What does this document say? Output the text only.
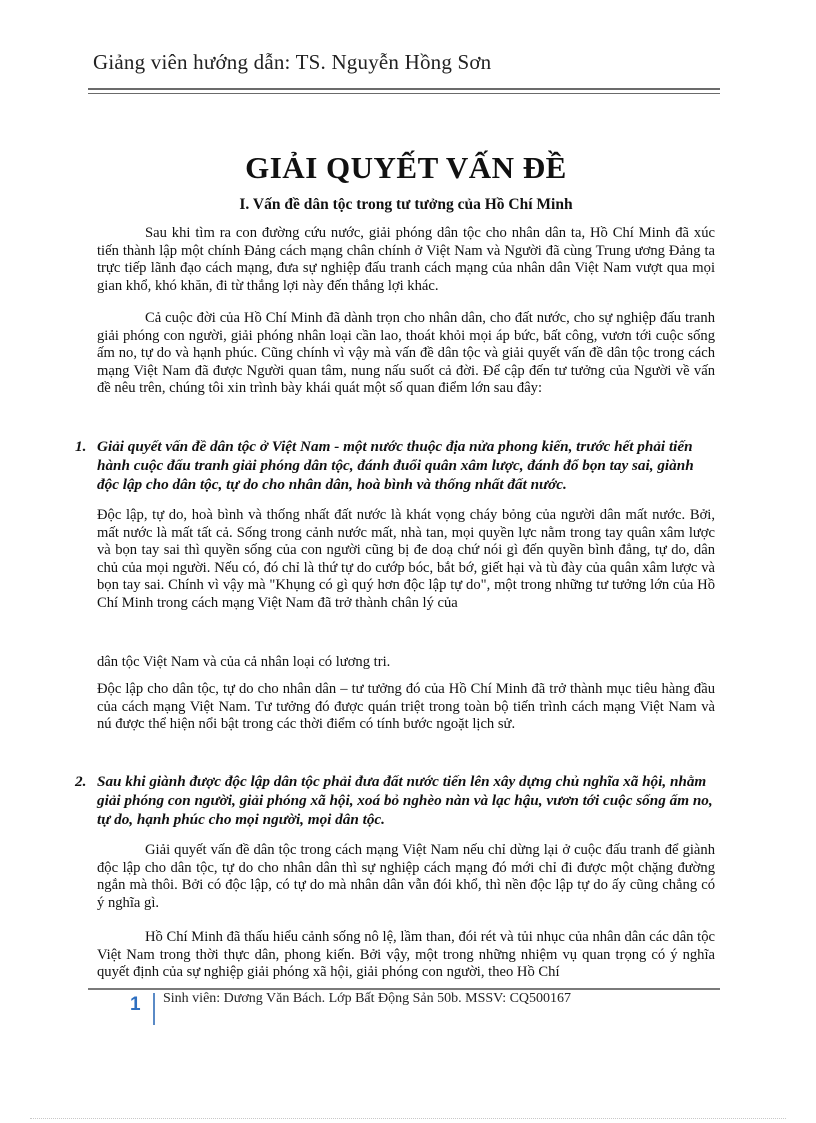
Giảng viên hướng dẫn: TS. Nguyễn Hồng Sơn
GIẢI QUYẾT VẤN ĐỀ
I. Vấn đề dân tộc trong tư tưởng của Hồ Chí Minh

Sau khi tìm ra con đường cứu nước, giải phóng dân tộc cho nhân dân ta, Hồ Chí Minh đã xúc tiến thành lập một chính Đảng cách mạng chân chính ở Việt Nam và Người đã cùng Trung ương Đảng ta trực tiếp lãnh đạo cách mạng, đưa sự nghiệp đấu tranh cách mạng của nhân dân Việt Nam vượt qua mọi gian khổ, khó khăn, đi từ thắng lợi này đến thắng lợi khác.

Cả cuộc đời của Hồ Chí Minh đã dành trọn cho nhân dân, cho đất nước, cho sự nghiệp đấu tranh giải phóng con người, giải phóng nhân loại cần lao, thoát khỏi mọi áp bức, bất công, vươn tới cuộc sống ấm no, tự do và hạnh phúc. Cũng chính vì vậy mà vấn đề dân tộc và giải quyết vấn đề dân tộc trong cách mạng Việt Nam đã được Người quan tâm, nung nấu suốt cả đời. Để cập đến tư tưởng của Người về vấn đề nêu trên, chúng tôi xin trình bày khái quát một số quan điểm lớn sau đây:

1. Giải quyết vấn đề dân tộc ở Việt Nam - một nước thuộc địa nửa phong kiến, trước hết phải tiến hành cuộc đấu tranh giải phóng dân tộc, đánh đuổi quân xâm lược, đánh đổ bọn tay sai, giành độc lập cho dân tộc, tự do cho nhân dân, hoà bình và thống nhất đất nước.

Độc lập, tự do, hoà bình và thống nhất đất nước là khát vọng cháy bỏng của người dân mất nước. Bởi, mất nước là mất tất cả. Sống trong cảnh nước mất, nhà tan, mọi quyền lực nằm trong tay quân xâm lược và bọn tay sai thì quyền sống của con người cũng bị đe doạ chứ nói gì đến quyền bình đẳng, tự do, dân chủ của mọi người. Nếu có, đó chỉ là thứ tự do cướp bóc, bắt bớ, giết hại và tù đày của quân xâm lược và bọn tay sai. Chính vì vậy mà "Khụng có gì quý hơn độc lập tự do", một trong những tư tưởng lớn của Hồ Chí Minh trong cách mạng Việt Nam đã trở thành chân lý của

dân tộc Việt Nam và của cả nhân loại có lương tri.

Độc lập cho dân tộc, tự do cho nhân dân – tư tưởng đó của Hồ Chí Minh đã trở thành mục tiêu hàng đầu của cách mạng Việt Nam. Tư tưởng đó được quán triệt trong toàn bộ tiến trình cách mạng Việt Nam và nú được thể hiện nổi bật trong các thời điểm có tính bước ngoặt lịch sử.

2. Sau khi giành được độc lập dân tộc phải đưa đất nước tiến lên xây dựng chủ nghĩa xã hội, nhằm giải phóng con người, giải phóng xã hội, xoá bỏ nghèo nàn và lạc hậu, vươn tới cuộc sống ấm no, tự do, hạnh phúc cho mọi người, mọi dân tộc.

Giải quyết vấn đề dân tộc trong cách mạng Việt Nam nếu chỉ dừng lại ở cuộc đấu tranh để giành độc lập cho dân tộc, tự do cho nhân dân thì sự nghiệp cách mạng đó mới chỉ đi được một chặng đường ngắn mà thôi. Bởi có độc lập, có tự do mà nhân dân vẫn đói khổ, thì nền độc lập tự do ấy cũng chẳng có ý nghĩa gì.

Hồ Chí Minh đã thấu hiểu cảnh sống nô lệ, lầm than, đói rét và tủi nhục của nhân dân các dân tộc Việt Nam trong thời thực dân, phong kiến. Bởi vậy, một trong những nhiệm vụ quan trọng có ý nghĩa quyết định của sự nghiệp giải phóng xã hội, giải phóng con người, theo Hồ Chí

1	Sinh viên: Dương Văn Bách. Lớp Bất Động Sản 50b. MSSV: CQ500167
